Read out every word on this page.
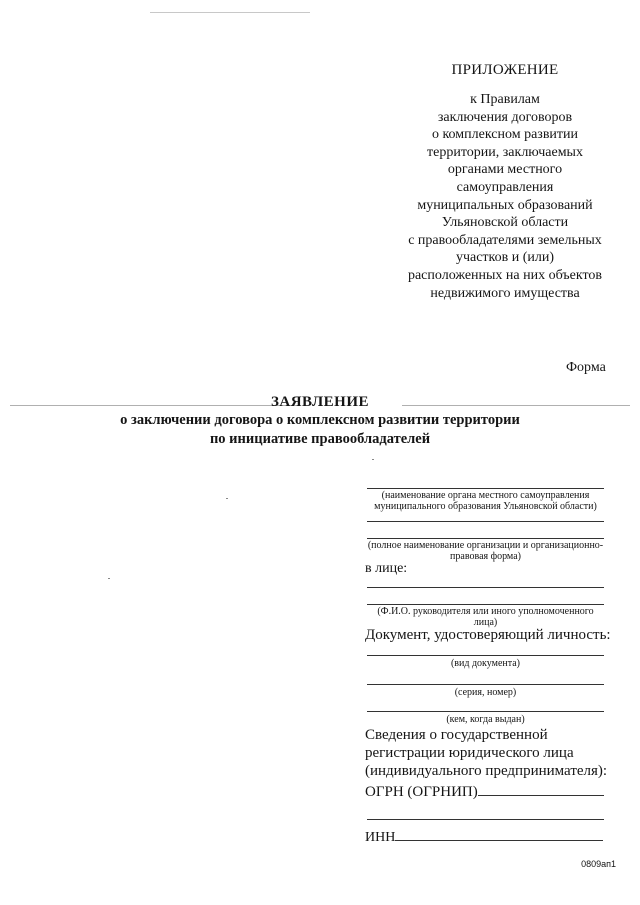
ПРИЛОЖЕНИЕ
к Правилам
заключения договоров
о комплексном развитии
территории, заключаемых
органами местного
самоуправления
муниципальных образований
Ульяновской области
с правообладателями земельных
участков и (или)
расположенных на них объектов
недвижимого имущества
Форма
ЗАЯВЛЕНИЕ
о заключении договора о комплексном развитии территории
по инициативе правообладателей
(наименование органа местного самоуправления муниципального образования Ульяновской области)
(полное наименование организации и организационно-правовая форма)
в лице:
(Ф.И.О. руководителя или иного уполномоченного лица)
Документ, удостоверяющий личность:
(вид документа)
(серия, номер)
(кем, когда выдан)
Сведения о государственной
регистрации юридического лица
(индивидуального предпринимателя):
ОГРН (ОГРНИП)
ИНН
0809ап1
